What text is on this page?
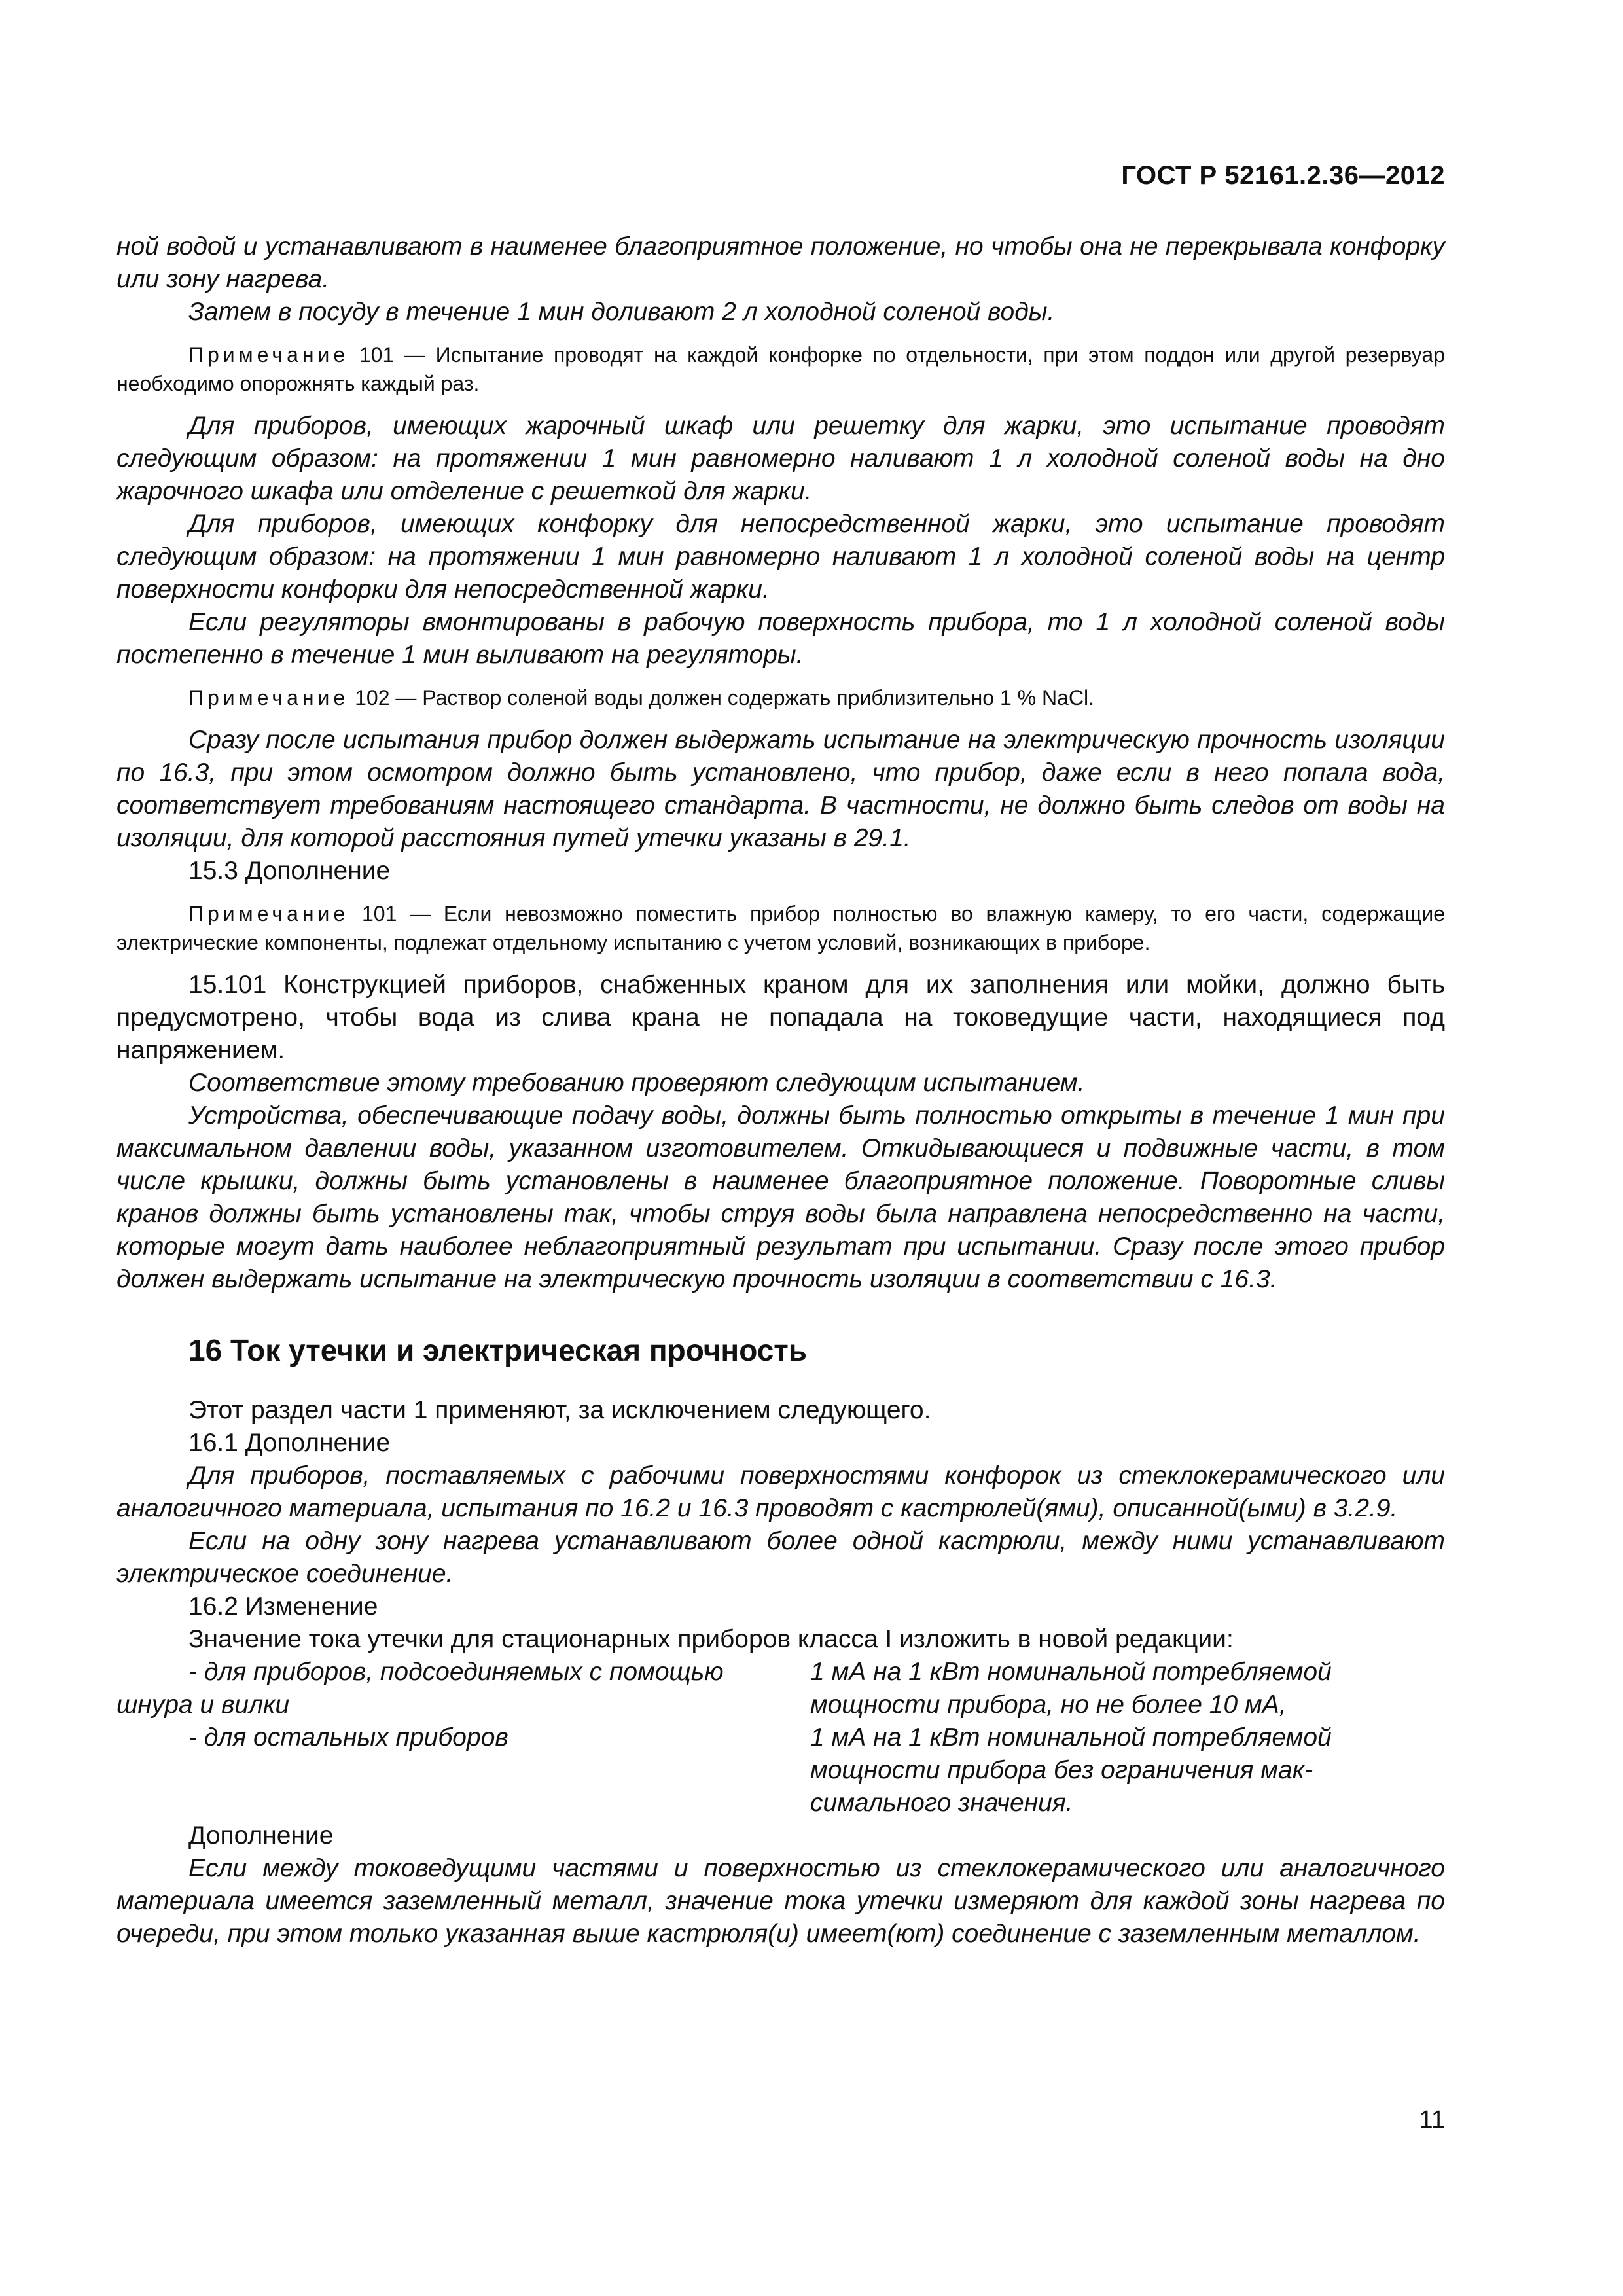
ГОСТ Р 52161.2.36—2012

ной водой и устанавливают в наименее благоприятное положение, но чтобы она не перекрывала конфорку или зону нагрева.

Затем в посуду в течение 1 мин доливают 2 л холодной соленой воды.

Примечание 101 — Испытание проводят на каждой конфорке по отдельности, при этом поддон или другой резервуар необходимо опорожнять каждый раз.

Для приборов, имеющих жарочный шкаф или решетку для жарки, это испытание проводят следующим образом: на протяжении 1 мин равномерно наливают 1 л холодной соленой воды на дно жарочного шкафа или отделение с решеткой для жарки.

Для приборов, имеющих конфорку для непосредственной жарки, это испытание проводят следующим образом: на протяжении 1 мин равномерно наливают 1 л холодной соленой воды на центр поверхности конфорки для непосредственной жарки.

Если регуляторы вмонтированы в рабочую поверхность прибора, то 1 л холодной соленой воды постепенно в течение 1 мин выливают на регуляторы.

Примечание 102 — Раствор соленой воды должен содержать приблизительно 1 % NaCl.

Сразу после испытания прибор должен выдержать испытание на электрическую прочность изоляции по 16.3, при этом осмотром должно быть установлено, что прибор, даже если в него попала вода, соответствует требованиям настоящего стандарта. В частности, не должно быть следов от воды на изоляции, для которой расстояния путей утечки указаны в 29.1.

15.3 Дополнение

Примечание 101 — Если невозможно поместить прибор полностью во влажную камеру, то его части, содержащие электрические компоненты, подлежат отдельному испытанию с учетом условий, возникающих в приборе.

15.101 Конструкцией приборов, снабженных краном для их заполнения или мойки, должно быть предусмотрено, чтобы вода из слива крана не попадала на токоведущие части, находящиеся под напряжением.

Соответствие этому требованию проверяют следующим испытанием.

Устройства, обеспечивающие подачу воды, должны быть полностью открыты в течение 1 мин при максимальном давлении воды, указанном изготовителем. Откидывающиеся и подвижные части, в том числе крышки, должны быть установлены в наименее благоприятное положение. Поворотные сливы кранов должны быть установлены так, чтобы струя воды была направлена непосредственно на части, которые могут дать наиболее неблагоприятный результат при испытании. Сразу после этого прибор должен выдержать испытание на электрическую прочность изоляции в соответствии с 16.3.

16 Ток утечки и электрическая прочность

Этот раздел части 1 применяют, за исключением следующего.

16.1 Дополнение

Для приборов, поставляемых с рабочими поверхностями конфорок из стеклокерамического или аналогичного материала, испытания по 16.2 и 16.3 проводят с кастрюлей(ями), описанной(ыми) в 3.2.9.

Если на одну зону нагрева устанавливают более одной кастрюли, между ними устанавливают электрическое соединение.

16.2 Изменение

Значение тока утечки для стационарных приборов класса I изложить в новой редакции:

- для приборов, подсоединяемых с помощью
шнура и вилки
1 мА на 1 кВт номинальной потребляемой
мощности прибора, но не более 10 мА,
- для остальных приборов	1 мА на 1 кВт номинальной потребляемой
мощности прибора без ограничения мак-
симального значения.

Дополнение

Если между токоведущими частями и поверхностью из стеклокерамического или аналогичного материала имеется заземленный металл, значение тока утечки измеряют для каждой зоны нагрева по очереди, при этом только указанная выше кастрюля(и) имеет(ют) соединение с заземленным металлом.

11
